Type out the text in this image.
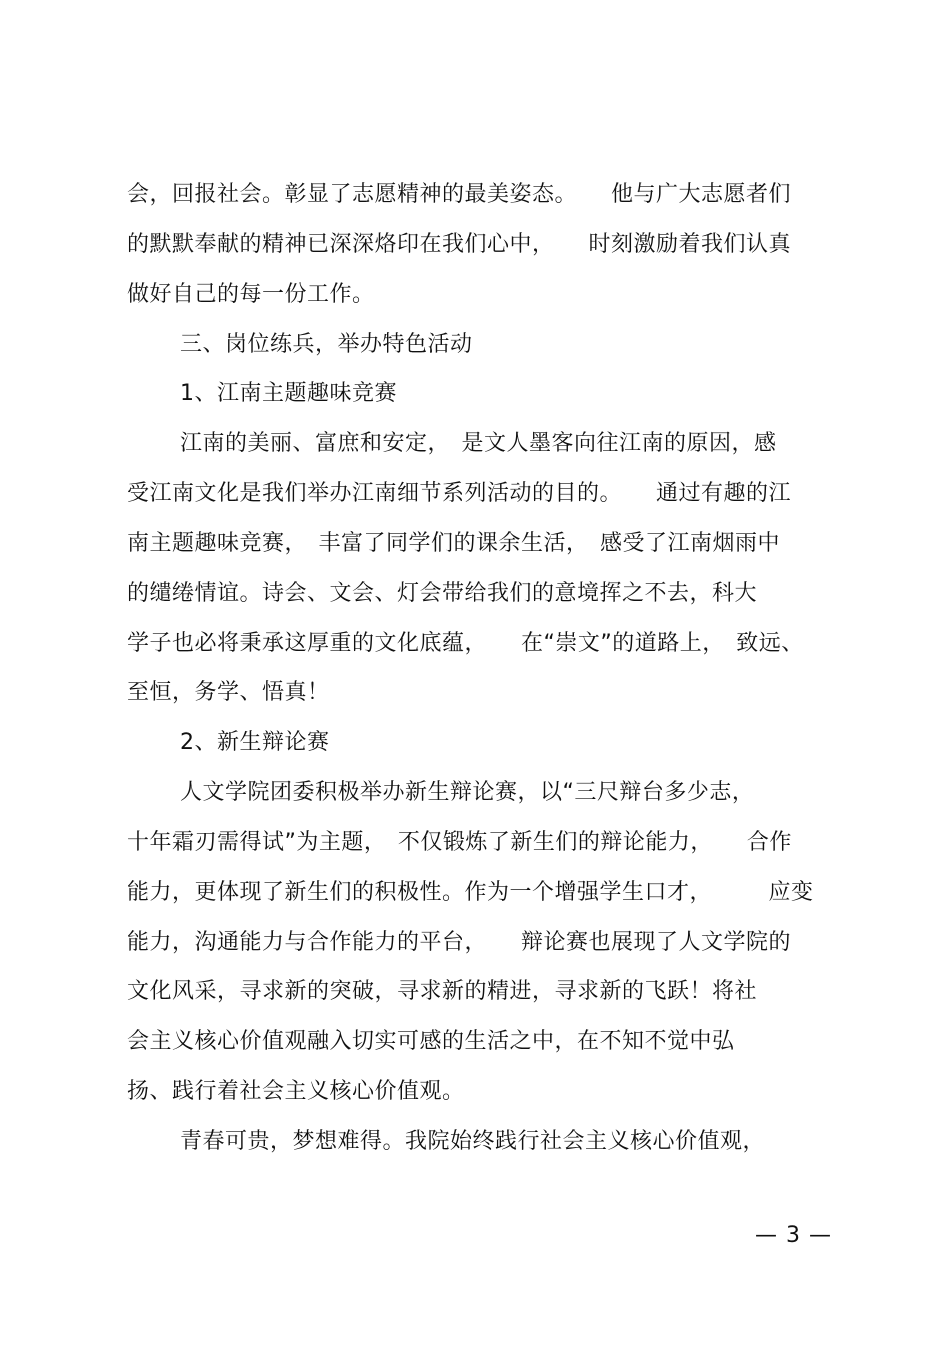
会，回报社会。彰显了志愿精神的最美姿态。　　他与广大志愿者们
的默默奉献的精神已深深烙印在我们心中，　　时刻激励着我们认真
做好自己的每一份工作。
三、岗位练兵，举办特色活动
1、江南主题趣味竞赛
江南的美丽、富庶和安定，　是文人墨客向往江南的原因，感
受江南文化是我们举办江南细节系列活动的目的。　　通过有趣的江
南主题趣味竞赛，　丰富了同学们的课余生活，　感受了江南烟雨中
的缱绻情谊。诗会、文会、灯会带给我们的意境挥之不去，科大
学子也必将秉承这厚重的文化底蕴，　　在“崇文”的道路上，　致远、
至恒，务学、悟真！
2、新生辩论赛
人文学院团委积极举办新生辩论赛，以“三尺辩台多少志，
十年霜刃需得试”为主题，　不仅锻炼了新生们的辩论能力，　　合作
能力，更体现了新生们的积极性。作为一个增强学生口才，　　　应变
能力，沟通能力与合作能力的平台，　　辩论赛也展现了人文学院的
文化风采，寻求新的突破，寻求新的精进，寻求新的飞跃！将社
会主义核心价值观融入切实可感的生活之中，在不知不觉中弘
扬、践行着社会主义核心价值观。
青春可贵，梦想难得。我院始终践行社会主义核心价值观，
— 3 —
